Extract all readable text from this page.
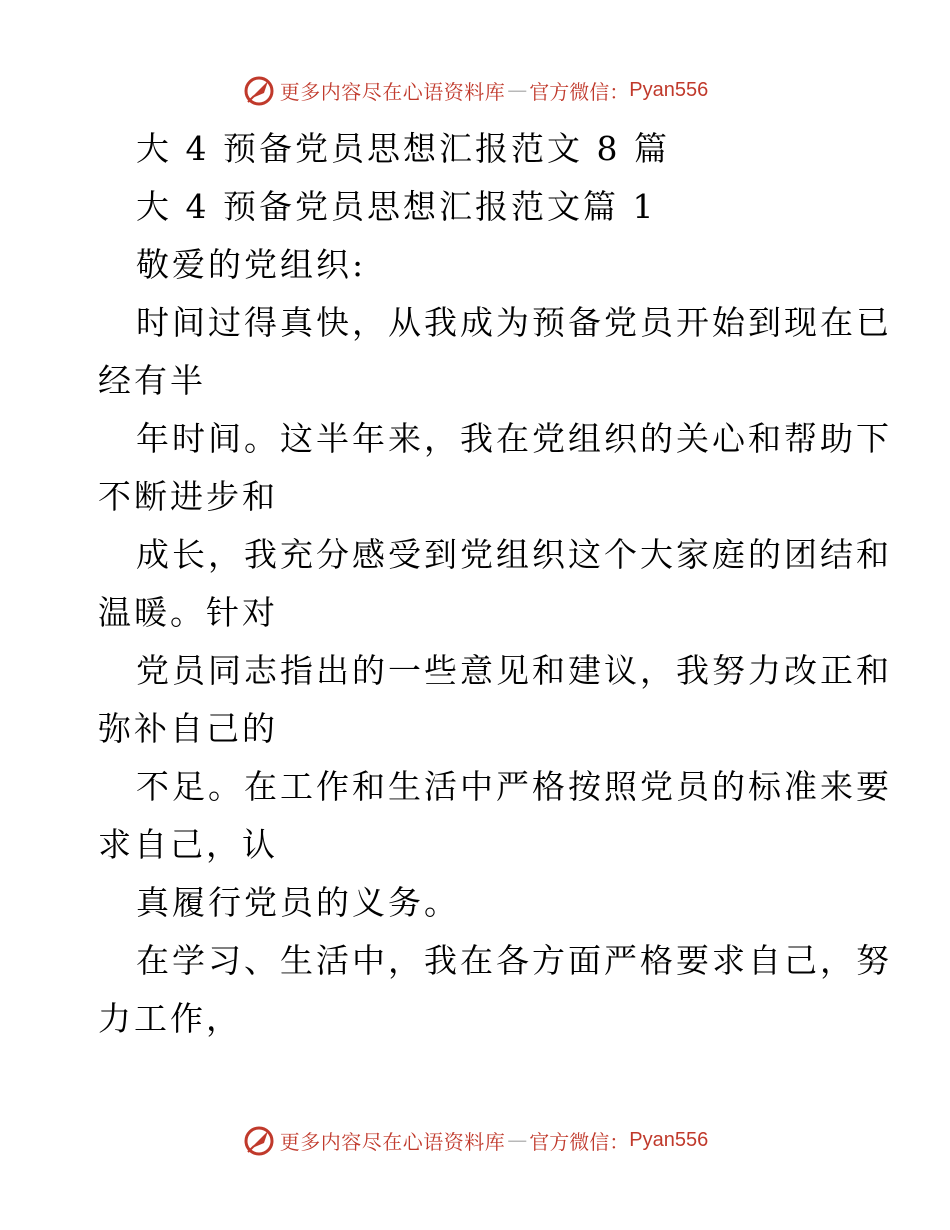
更多内容尽在心语资料库 — 官方微信： Pyan556
大 4 预备党员思想汇报范文 8 篇
大 4 预备党员思想汇报范文篇 1
敬爱的党组织:
时间过得真快，从我成为预备党员开始到现在已
经有半
年时间。这半年来，我在党组织的关心和帮助下
不断进步和
成长，我充分感受到党组织这个大家庭的团结和
温暖。针对
党员同志指出的一些意见和建议，我努力改正和
弥补自己的
不足。在工作和生活中严格按照党员的标准来要
求自己，认
真履行党员的义务。
在学习、生活中，我在各方面严格要求自己，努
力工作，
更多内容尽在心语资料库 — 官方微信： Pyan556
